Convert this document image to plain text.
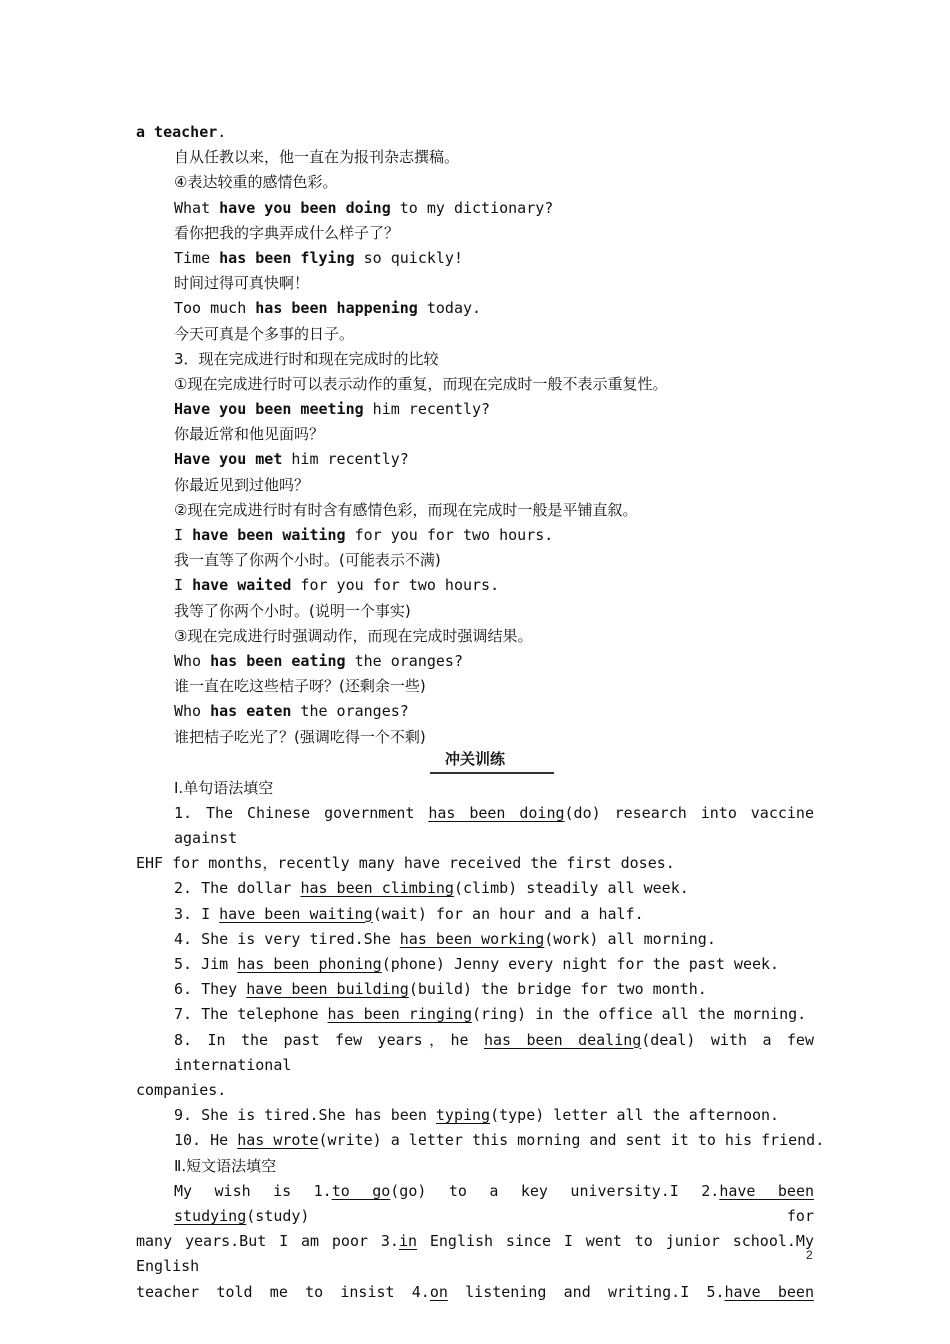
a teacher.
自从任教以来，他一直在为报刊杂志撰稿。
④表达较重的感情色彩。
What have you been doing to my dictionary?
看你把我的字典弄成什么样子了？
Time has been flying so quickly!
时间过得可真快啊！
Too much has been happening today.
今天可真是个多事的日子。
3．现在完成进行时和现在完成时的比较
①现在完成进行时可以表示动作的重复，而现在完成时一般不表示重复性。
Have you been meeting him recently?
你最近常和他见面吗？
Have you met him recently?
你最近见到过他吗？
②现在完成进行时有时含有感情色彩，而现在完成时一般是平铺直叙。
I have been waiting for you for two hours.
我一直等了你两个小时。(可能表示不满)
I have waited for you for two hours.
我等了你两个小时。(说明一个事实)
③现在完成进行时强调动作，而现在完成时强调结果。
Who has been eating the oranges?
谁一直在吃这些桔子呀？(还剩余一些)
Who has eaten the oranges?
谁把桔子吃光了？(强调吃得一个不剩)
冲关训练
Ⅰ.单句语法填空
1. The Chinese government has been doing(do) research into vaccine against
EHF for months，recently many have received the first doses.
2. The dollar has been climbing(climb) steadily all week.
3. I have been waiting(wait) for an hour and a half.
4. She is very tired.She has been working(work) all morning.
5. Jim has been phoning(phone) Jenny every night for the past week.
6. They have been building(build) the bridge for two month.
7. The telephone has been ringing(ring) in the office all the morning.
8. In the past few years，he has been dealing(deal) with a few international
companies.
9. She is tired.She has been typing(type) letter all the afternoon.
10. He has wrote(write) a letter this morning and sent it to his friend.
Ⅱ.短文语法填空
My wish is 1.to go(go) to a key university.I 2.have been studying(study) for
many years.But I am poor 3.in English since I went to junior school.My English
teacher told me to insist 4.on listening and writing.I 5.have been
2
